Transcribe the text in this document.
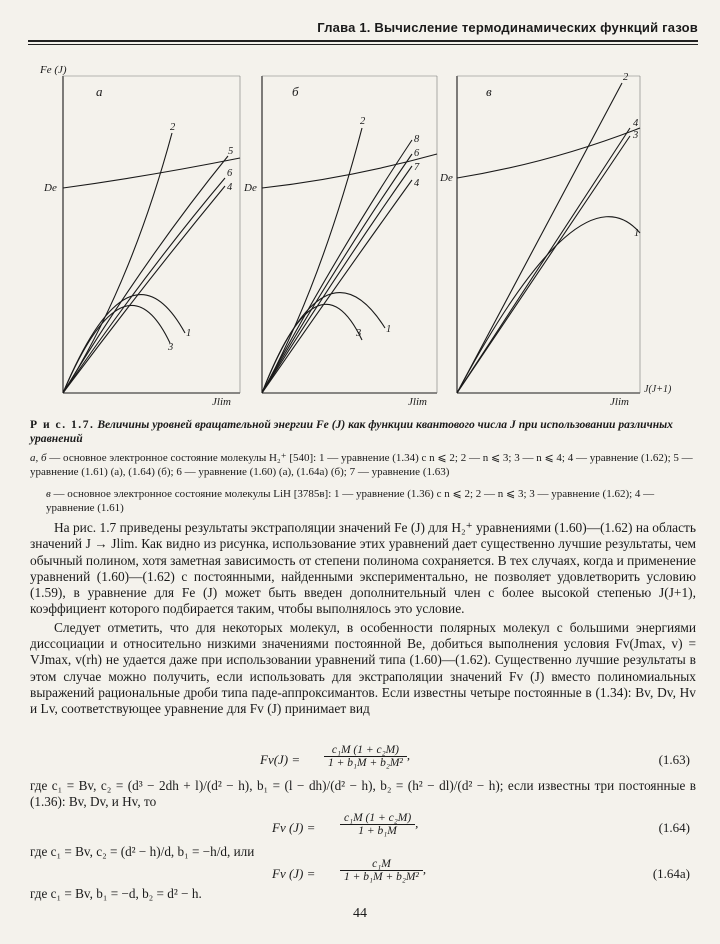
Глава 1. Вычисление термодинамических функций газов
2
5
6
4
1
3
2
8
6
7
4
1
3
2
4
3
1
Fe (J)
а	б	в
De	De
De
Jlim	Jlim	Jlim
J(J+1)
Р и с. 1.7. Величины уровней вращательной энергии Fe (J) как функции квантового числа J при использовании различных уравнений
а, б — основное электронное состояние молекулы H₂⁺ [540]: 1 — уравнение (1.34) с n ⩽ 2; 2 — n ⩽ 3; 3 — n ⩽ 4; 4 — уравнение (1.62); 5 — уравнение (1.61) (а), (1.64) (б); 6 — уравнение (1.60) (а), (1.64а) (б); 7 — уравнение (1.63)
в — основное электронное состояние молекулы LiH [3785в]: 1 — уравнение (1.36) с n ⩽ 2; 2 — n ⩽ 3; 3 — уравнение (1.62); 4 — уравнение (1.61)

На рис. 1.7 приведены результаты экстраполяции значений Fe (J) для H₂⁺ уравнениями (1.60)—(1.62) на область значений J → Jlim. Как видно из рисунка, использование этих уравнений дает существенно лучшие результаты, чем обычный полином, хотя заметная зависимость от степени полинома сохраняется. В тех случаях, когда и применение уравнений (1.60)—(1.62) с постоянными, найденными экспериментально, не позволяет удовлетворить условию (1.59), в уравнение для Fe (J) может быть введен дополнительный член с более высокой степенью J(J+1), коэффициент которого подбирается таким, чтобы выполнялось это условие.

Следует отметить, что для некоторых молекул, в особенности полярных молекул с большими энергиями диссоциации и относительно низкими значениями постоянной Be, добиться выполнения условия Fv(Jmax, v) = VJmax, v(rh) не удается даже при использовании уравнений типа (1.60)—(1.62). Существенно лучшие результаты в этом случае можно получить, если использовать для экстраполяции значений Fv (J) вместо полиномиальных выражений рациональные дроби типа паде-аппроксимантов. Если известны четыре постоянные в (1.34): Bv, Dv, Hv и Lv, соответствующее уравнение для Fv (J) принимает вид

$Fv(J) = \frac{\text{c₁M (1 + c₂M)}}{\text{1 + b₁M + b₂M²}}$ ,	(1.63)
где c₁ = Bv, c₂ = (d³ − 2dh + l)/(d² − h), b₁ = (l − dh)/(d² − h), b₂ = (h² − dl)/(d² − h); если известны три постоянные в (1.36): Bv, Dv, и Hv, то
Fv $(J) = \frac{\text{c₁M (1 + c₂M)}}{\text{1 + b₁M}}$ ,	(1.64)
где c₁ = Bv, c₂ = (d² − h)/d, b₁ = −h/d, или
Fv $(J) = \frac{\text{c₁M}}{\text{1 + b₁M + b₂M²}}$ ,	(1.64а)
где c₁ = Bv, b₁ = −d, b₂ = d² − h.
44
